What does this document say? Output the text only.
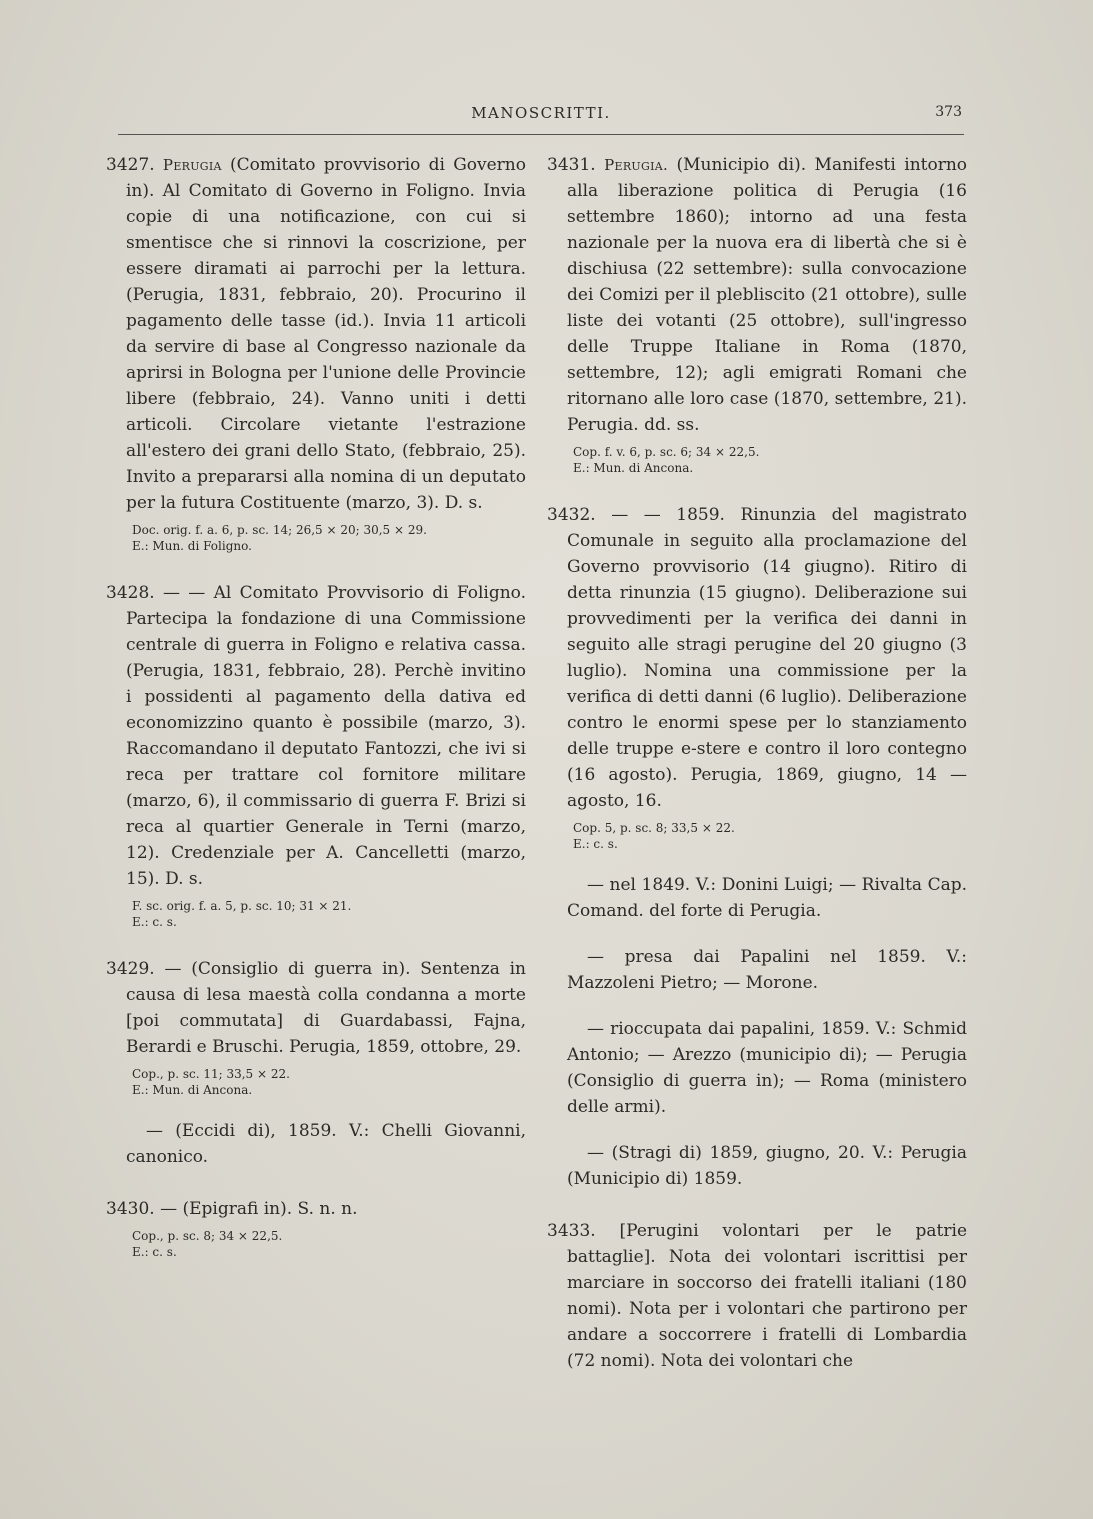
MANOSCRITTI.	373

3427. Perugia (Comitato provvisorio di Governo in). Al Comitato di Governo in Foligno. Invia copie di una notificazione, con cui si smentisce che si rinnovi la coscrizione, per essere diramati ai parrochi per la lettura. (Perugia, 1831, febbraio, 20). Procurino il pagamento delle tasse (id.). Invia 11 articoli da servire di base al Congresso nazionale da aprirsi in Bologna per l'unione delle Provincie libere (febbraio, 24). Vanno uniti i detti articoli. Circolare vietante l'estrazione all'estero dei grani dello Stato, (febbraio, 25). Invito a prepararsi alla nomina di un deputato per la futura Costituente (marzo, 3). D. s.

Doc. orig. f. a. 6, p. sc. 14; 26,5 × 20; 30,5 × 29.
E.: Mun. di Foligno.

3428. — — Al Comitato Provvisorio di Foligno. Partecipa la fondazione di una Commissione centrale di guerra in Foligno e relativa cassa. (Perugia, 1831, febbraio, 28). Perchè invitino i possidenti al pagamento della dativa ed economizzino quanto è possibile (marzo, 3). Raccomandano il deputato Fantozzi, che ivi si reca per trattare col fornitore militare (marzo, 6), il commissario di guerra F. Brizi si reca al quartier Generale in Terni (marzo, 12). Credenziale per A. Cancelletti (marzo, 15). D. s.

F. sc. orig. f. a. 5, p. sc. 10; 31 × 21.
E.: c. s.

3429. — (Consiglio di guerra in). Sentenza in causa di lesa maestà colla condanna a morte [poi commutata] di Guardabassi, Fajna, Berardi e Bruschi. Perugia, 1859, ottobre, 29.

Cop., p. sc. 11; 33,5 × 22.
E.: Mun. di Ancona.

— (Eccidi di), 1859. V.: Chelli Giovanni, canonico.

3430. — (Epigrafi in). S. n. n.

Cop., p. sc. 8; 34 × 22,5.
E.: c. s.

3431. Perugia. (Municipio di). Manifesti intorno alla liberazione politica di Perugia (16 settembre 1860); intorno ad una festa nazionale per la nuova era di libertà che si è dischiusa (22 settembre): sulla convocazione dei Comizi per il plebliscito (21 ottobre), sulle liste dei votanti (25 ottobre), sull'ingresso delle Truppe Italiane in Roma (1870, settembre, 12); agli emigrati Romani che ritornano alle loro case (1870, settembre, 21). Perugia. dd. ss.

Cop. f. v. 6, p. sc. 6; 34 × 22,5.
E.: Mun. di Ancona.

3432. — — 1859. Rinunzia del magistrato Comunale in seguito alla proclamazione del Governo provvisorio (14 giugno). Ritiro di detta rinunzia (15 giugno). Deliberazione sui provvedimenti per la verifica dei danni in seguito alle stragi perugine del 20 giugno (3 luglio). Nomina una commissione per la verifica di detti danni (6 luglio). Deliberazione contro le enormi spese per lo stanziamento delle truppe e-stere e contro il loro contegno (16 agosto). Perugia, 1869, giugno, 14 — agosto, 16.

Cop. 5, p. sc. 8; 33,5 × 22.
E.: c. s.

— nel 1849. V.: Donini Luigi; — Rivalta Cap. Comand. del forte di Perugia.

— presa dai Papalini nel 1859. V.: Mazzoleni Pietro; — Morone.

— rioccupata dai papalini, 1859. V.: Schmid Antonio; — Arezzo (municipio di); — Perugia (Consiglio di guerra in); — Roma (ministero delle armi).

— (Stragi di) 1859, giugno, 20. V.: Perugia (Municipio di) 1859.

3433. [Perugini volontari per le patrie battaglie]. Nota dei volontari iscrittisi per marciare in soccorso dei fratelli italiani (180 nomi). Nota per i volontari che partirono per andare a soccorrere i fratelli di Lombardia (72 nomi). Nota dei volontari che
